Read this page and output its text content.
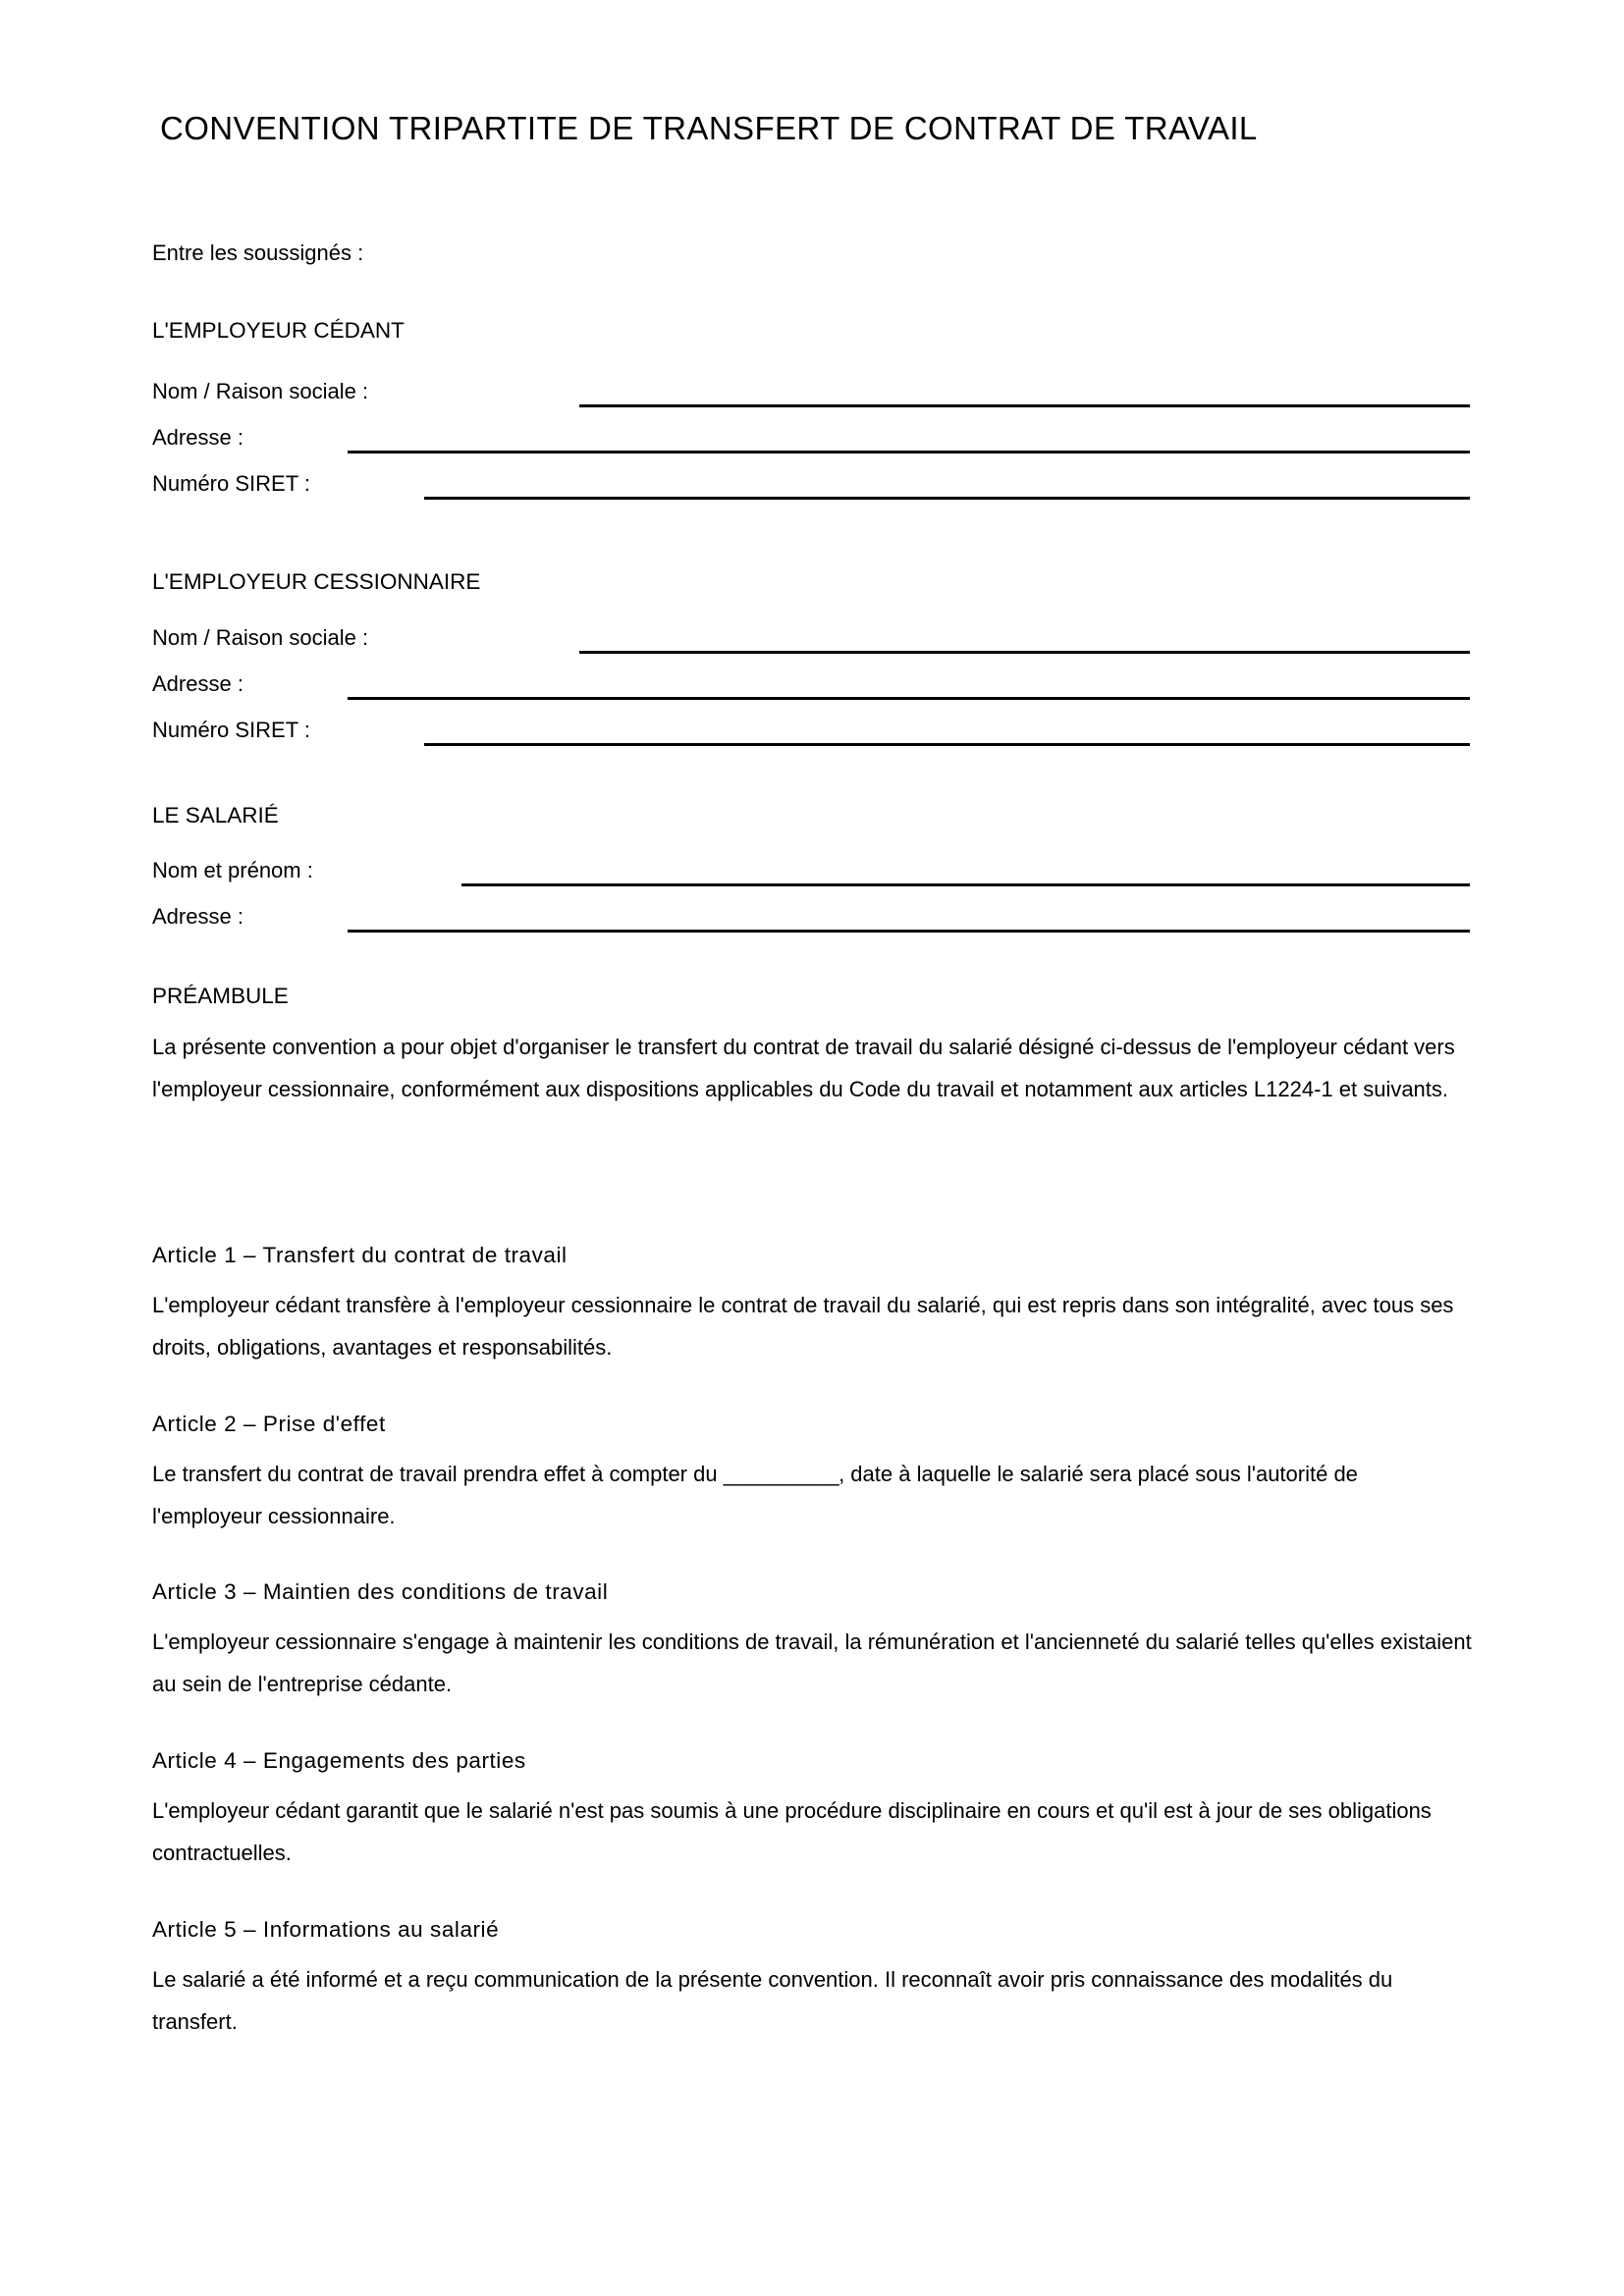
CONVENTION TRIPARTITE DE TRANSFERT DE CONTRAT DE TRAVAIL
Entre les soussignés :
L'EMPLOYEUR CÉDANT
Nom / Raison sociale :
Adresse :
Numéro SIRET :
L'EMPLOYEUR CESSIONNAIRE
Nom / Raison sociale :
Adresse :
Numéro SIRET :
LE SALARIÉ
Nom et prénom :
Adresse :
PRÉAMBULE
La présente convention a pour objet d'organiser le transfert du contrat de travail du salarié désigné ci-dessus de l'employeur cédant vers l'employeur cessionnaire, conformément aux dispositions applicables du Code du travail et notamment aux articles L1224-1 et suivants.
Article 1 – Transfert du contrat de travail
L'employeur cédant transfère à l'employeur cessionnaire le contrat de travail du salarié, qui est repris dans son intégralité, avec tous ses droits, obligations, avantages et responsabilités.
Article 2 – Prise d'effet
Le transfert du contrat de travail prendra effet à compter du __________, date à laquelle le salarié sera placé sous l'autorité de l'employeur cessionnaire.
Article 3 – Maintien des conditions de travail
L'employeur cessionnaire s'engage à maintenir les conditions de travail, la rémunération et l'ancienneté du salarié telles qu'elles existaient au sein de l'entreprise cédante.
Article 4 – Engagements des parties
L'employeur cédant garantit que le salarié n'est pas soumis à une procédure disciplinaire en cours et qu'il est à jour de ses obligations contractuelles.
Article 5 – Informations au salarié
Le salarié a été informé et a reçu communication de la présente convention. Il reconnaît avoir pris connaissance des modalités du transfert.
